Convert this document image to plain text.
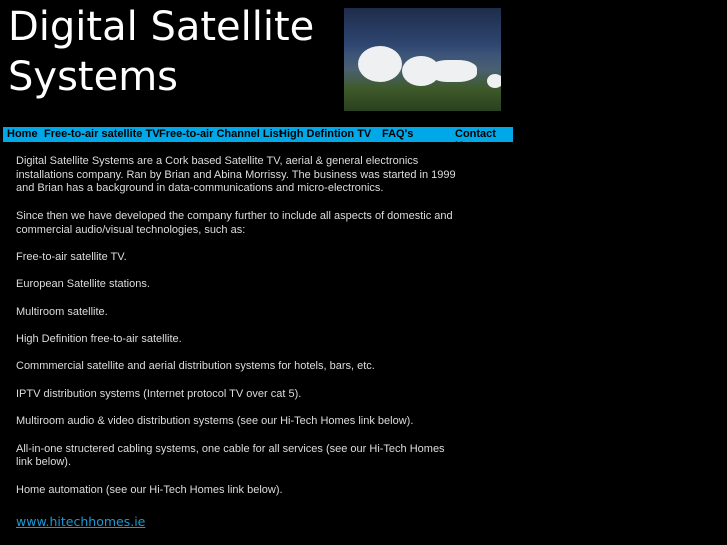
Digital Satellite
Systems
Home Free-to-air satellite TV Free-to-air Channel List
High Defintion TV FAQ's	Contact Us

Digital Satellite Systems are a Cork based Satellite TV, aerial & general electronics installations company. Ran by Brian and Abina Morrissy. The business was started in 1999 and Brian has a background in data-communications and micro-electronics.

Since then we have developed the company further to include all aspects of domestic and commercial audio/visual technologies, such as:

Free-to-air satellite TV.

European Satellite stations.

Multiroom satellite.

High Definition free-to-air satellite.

Commmercial satellite and aerial distribution systems for hotels, bars, etc.

IPTV distribution systems (Internet protocol TV over cat 5).

Multiroom audio & video distribution systems (see our Hi-Tech Homes link below).

All-in-one structered cabling systems, one cable for all services (see our Hi-Tech Homes link below).

Home automation (see our Hi-Tech Homes link below).

www.hitechhomes.ie
